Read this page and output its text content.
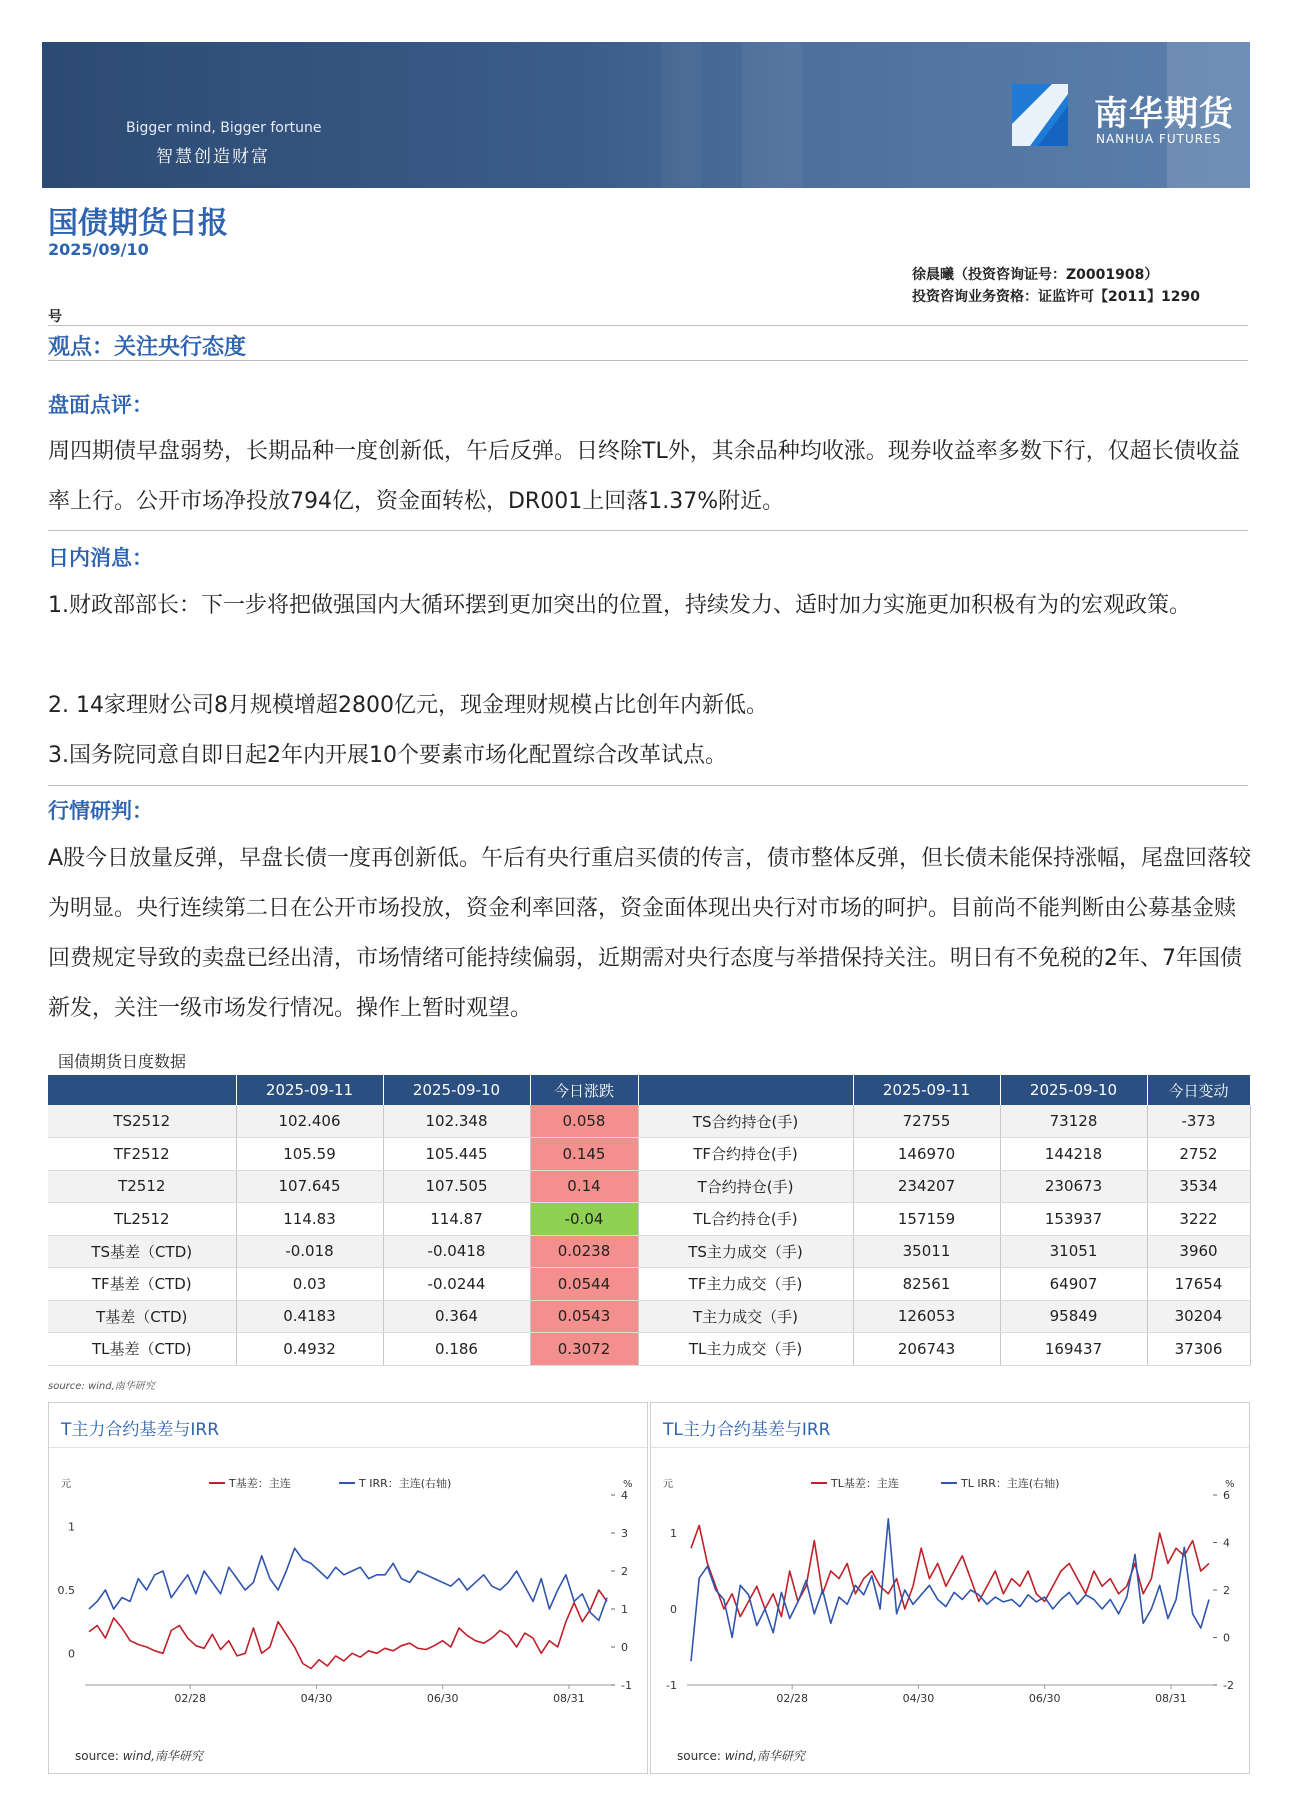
Bigger mind, Bigger fortune
智慧创造财富
南华期货
NANHUA FUTURES
国债期货日报
2025/09/10
徐晨曦（投资咨询证号：Z0001908）
投资咨询业务资格：证监许可【2011】1290
号
观点：关注央行态度
盘面点评：
周四期债早盘弱势，长期品种一度创新低，午后反弹。日终除TL外，其余品种均收涨。现券收益率多数下行，仅超长债收益率上行。公开市场净投放794亿，资金面转松，DR001上回落1.37%附近。
日内消息：
1.财政部部长：下一步将把做强国内大循环摆到更加突出的位置，持续发力、适时加力实施更加积极有为的宏观政策。
2. 14家理财公司8月规模增超2800亿元，现金理财规模占比创年内新低。
3.国务院同意自即日起2年内开展10个要素市场化配置综合改革试点。
行情研判：
A股今日放量反弹，早盘长债一度再创新低。午后有央行重启买债的传言，债市整体反弹，但长债未能保持涨幅，尾盘回落较为明显。央行连续第二日在公开市场投放，资金利率回落，资金面体现出央行对市场的呵护。目前尚不能判断由公募基金赎回费规定导致的卖盘已经出清，市场情绪可能持续偏弱，近期需对央行态度与举措保持关注。明日有不免税的2年、7年国债新发，关注一级市场发行情况。操作上暂时观望。
国债期货日度数据
	2025-09-11	2025-09-10	今日涨跌		2025-09-11	2025-09-10	今日变动
TS2512	102.406	102.348	0.058	TS合约持仓(手)	72755	73128	-373
TF2512	105.59	105.445	0.145	TF合约持仓(手)	146970	144218	2752
T2512	107.645	107.505	0.14	T合约持仓(手)	234207	230673	3534
TL2512	114.83	114.87	-0.04	TL合约持仓(手)	157159	153937	3222
TS基差（CTD)	-0.018	-0.0418	0.0238	TS主力成交（手)	35011	31051	3960
TF基差（CTD)	0.03	-0.0244	0.0544	TF主力成交（手)	82561	64907	17654
T基差（CTD)	0.4183	0.364	0.0543	T主力成交（手)	126053	95849	30204
TL基差（CTD)	0.4932	0.186	0.3072	TL主力成交（手)	206743	169437	37306
source: wind,南华研究
T主力合约基差与IRR
元	%
1
0.5
0
4
3
2
1
0
-1
02/28	04/30	06/30	08/31
T基差：主连	T IRR：主连(右轴)
source: wind,南华研究
TL主力合约基差与IRR
元	%
1
0
-1
6
4
2
0
-2
02/28	04/30	06/30	08/31
TL基差：主连	TL IRR：主连(右轴)
source: wind,南华研究
